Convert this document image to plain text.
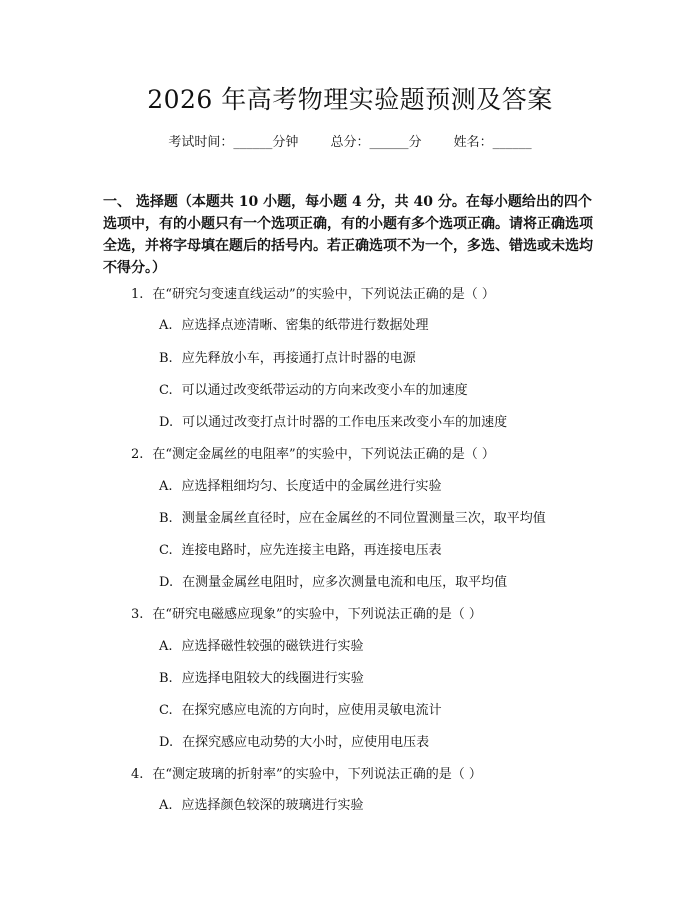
2026 年高考物理实验题预测及答案
考试时间：______分钟 总分：______分 姓名：______
一、 选择题（本题共 10 小题，每小题 4 分，共 40 分。在每小题给出的四个选项中，有的小题只有一个选项正确，有的小题有多个选项正确。请将正确选项全选，并将字母填在题后的括号内。若正确选项不为一个，多选、错选或未选均不得分。）
1. 在“研究匀变速直线运动”的实验中，下列说法正确的是（ ）
A. 应选择点迹清晰、密集的纸带进行数据处理
B. 应先释放小车，再接通打点计时器的电源
C. 可以通过改变纸带运动的方向来改变小车的加速度
D. 可以通过改变打点计时器的工作电压来改变小车的加速度
2. 在“测定金属丝的电阻率”的实验中，下列说法正确的是（ ）
A. 应选择粗细均匀、长度适中的金属丝进行实验
B. 测量金属丝直径时，应在金属丝的不同位置测量三次，取平均值
C. 连接电路时，应先连接主电路，再连接电压表
D. 在测量金属丝电阻时，应多次测量电流和电压，取平均值
3. 在“研究电磁感应现象”的实验中，下列说法正确的是（ ）
A. 应选择磁性较强的磁铁进行实验
B. 应选择电阻较大的线圈进行实验
C. 在探究感应电流的方向时，应使用灵敏电流计
D. 在探究感应电动势的大小时，应使用电压表
4. 在“测定玻璃的折射率”的实验中，下列说法正确的是（ ）
A. 应选择颜色较深的玻璃进行实验
